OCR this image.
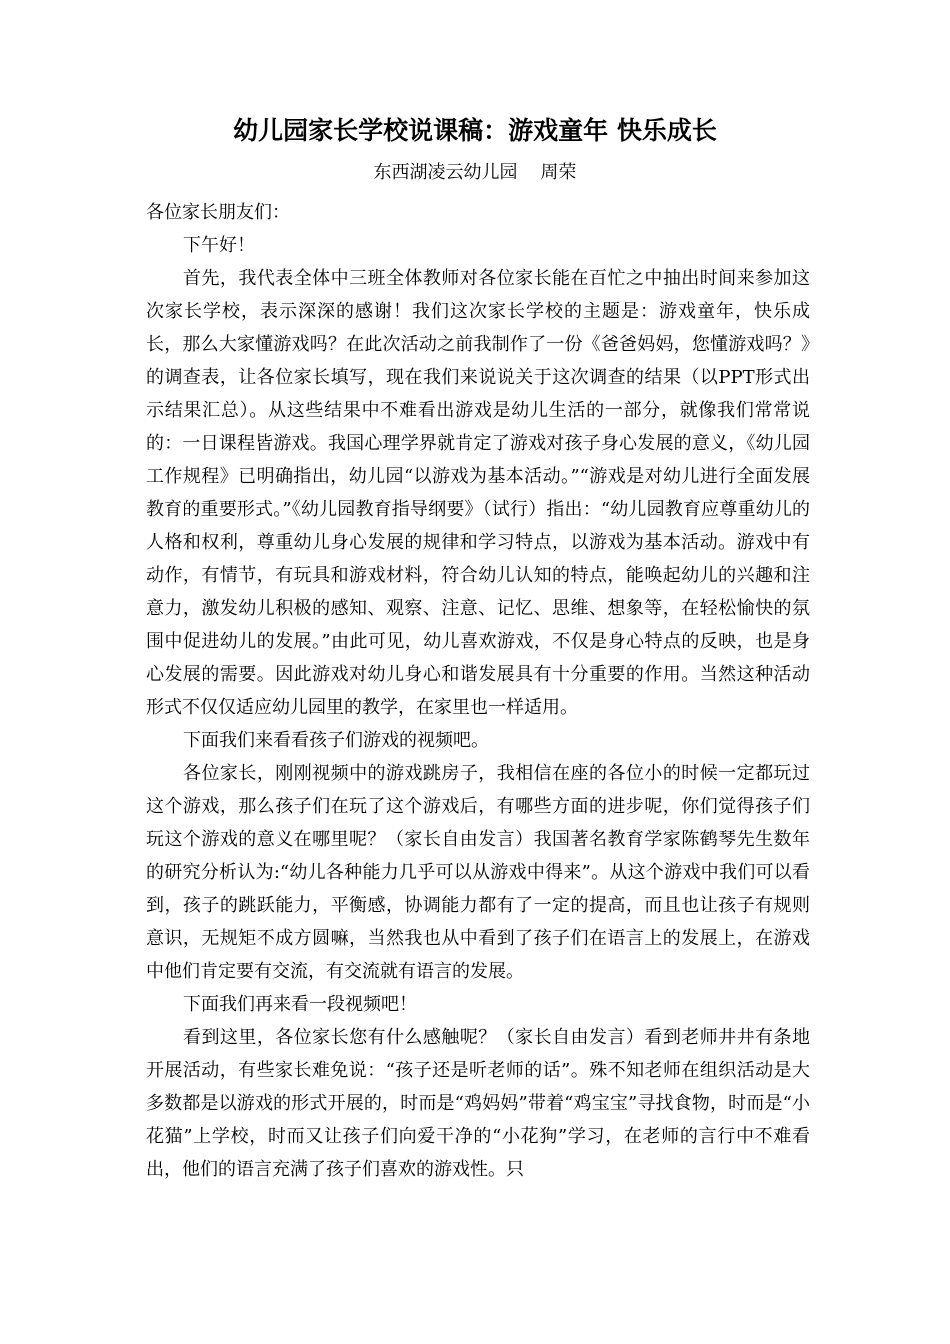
幼儿园家长学校说课稿：游戏童年 快乐成长
东西湖凌云幼儿园    周荣

各位家长朋友们：

下午好！

首先，我代表全体中三班全体教师对各位家长能在百忙之中抽出时间来参加这次家长学校，表示深深的感谢！我们这次家长学校的主题是：游戏童年，快乐成长，那么大家懂游戏吗？在此次活动之前我制作了一份《爸爸妈妈，您懂游戏吗？》的调查表，让各位家长填写，现在我们来说说关于这次调查的结果（以PPT形式出示结果汇总）。从这些结果中不难看出游戏是幼儿生活的一部分，就像我们常常说的：一日课程皆游戏。我国心理学界就肯定了游戏对孩子身心发展的意义，《幼儿园工作规程》已明确指出，幼儿园“以游戏为基本活动。”“游戏是对幼儿进行全面发展教育的重要形式。”《幼儿园教育指导纲要》（试行）指出：“幼儿园教育应尊重幼儿的人格和权利，尊重幼儿身心发展的规律和学习特点，以游戏为基本活动。游戏中有动作，有情节，有玩具和游戏材料，符合幼儿认知的特点，能唤起幼儿的兴趣和注意力，激发幼儿积极的感知、观察、注意、记忆、思维、想象等，在轻松愉快的氛围中促进幼儿的发展。”由此可见，幼儿喜欢游戏，不仅是身心特点的反映，也是身心发展的需要。因此游戏对幼儿身心和谐发展具有十分重要的作用。当然这种活动形式不仅仅适应幼儿园里的教学，在家里也一样适用。

下面我们来看看孩子们游戏的视频吧。

各位家长，刚刚视频中的游戏跳房子，我相信在座的各位小的时候一定都玩过这个游戏，那么孩子们在玩了这个游戏后，有哪些方面的进步呢，你们觉得孩子们玩这个游戏的意义在哪里呢？（家长自由发言）我国著名教育学家陈鹤琴先生数年的研究分析认为:“幼儿各种能力几乎可以从游戏中得来”。从这个游戏中我们可以看到，孩子的跳跃能力，平衡感，协调能力都有了一定的提高，而且也让孩子有规则意识，无规矩不成方圆嘛，当然我也从中看到了孩子们在语言上的发展上，在游戏中他们肯定要有交流，有交流就有语言的发展。

下面我们再来看一段视频吧！

看到这里，各位家长您有什么感触呢？（家长自由发言）看到老师井井有条地开展活动，有些家长难免说：“孩子还是听老师的话”。殊不知老师在组织活动是大多数都是以游戏的形式开展的，时而是“鸡妈妈”带着“鸡宝宝”寻找食物，时而是“小花猫”上学校，时而又让孩子们向爱干净的“小花狗”学习，在老师的言行中不难看出，他们的语言充满了孩子们喜欢的游戏性。只
